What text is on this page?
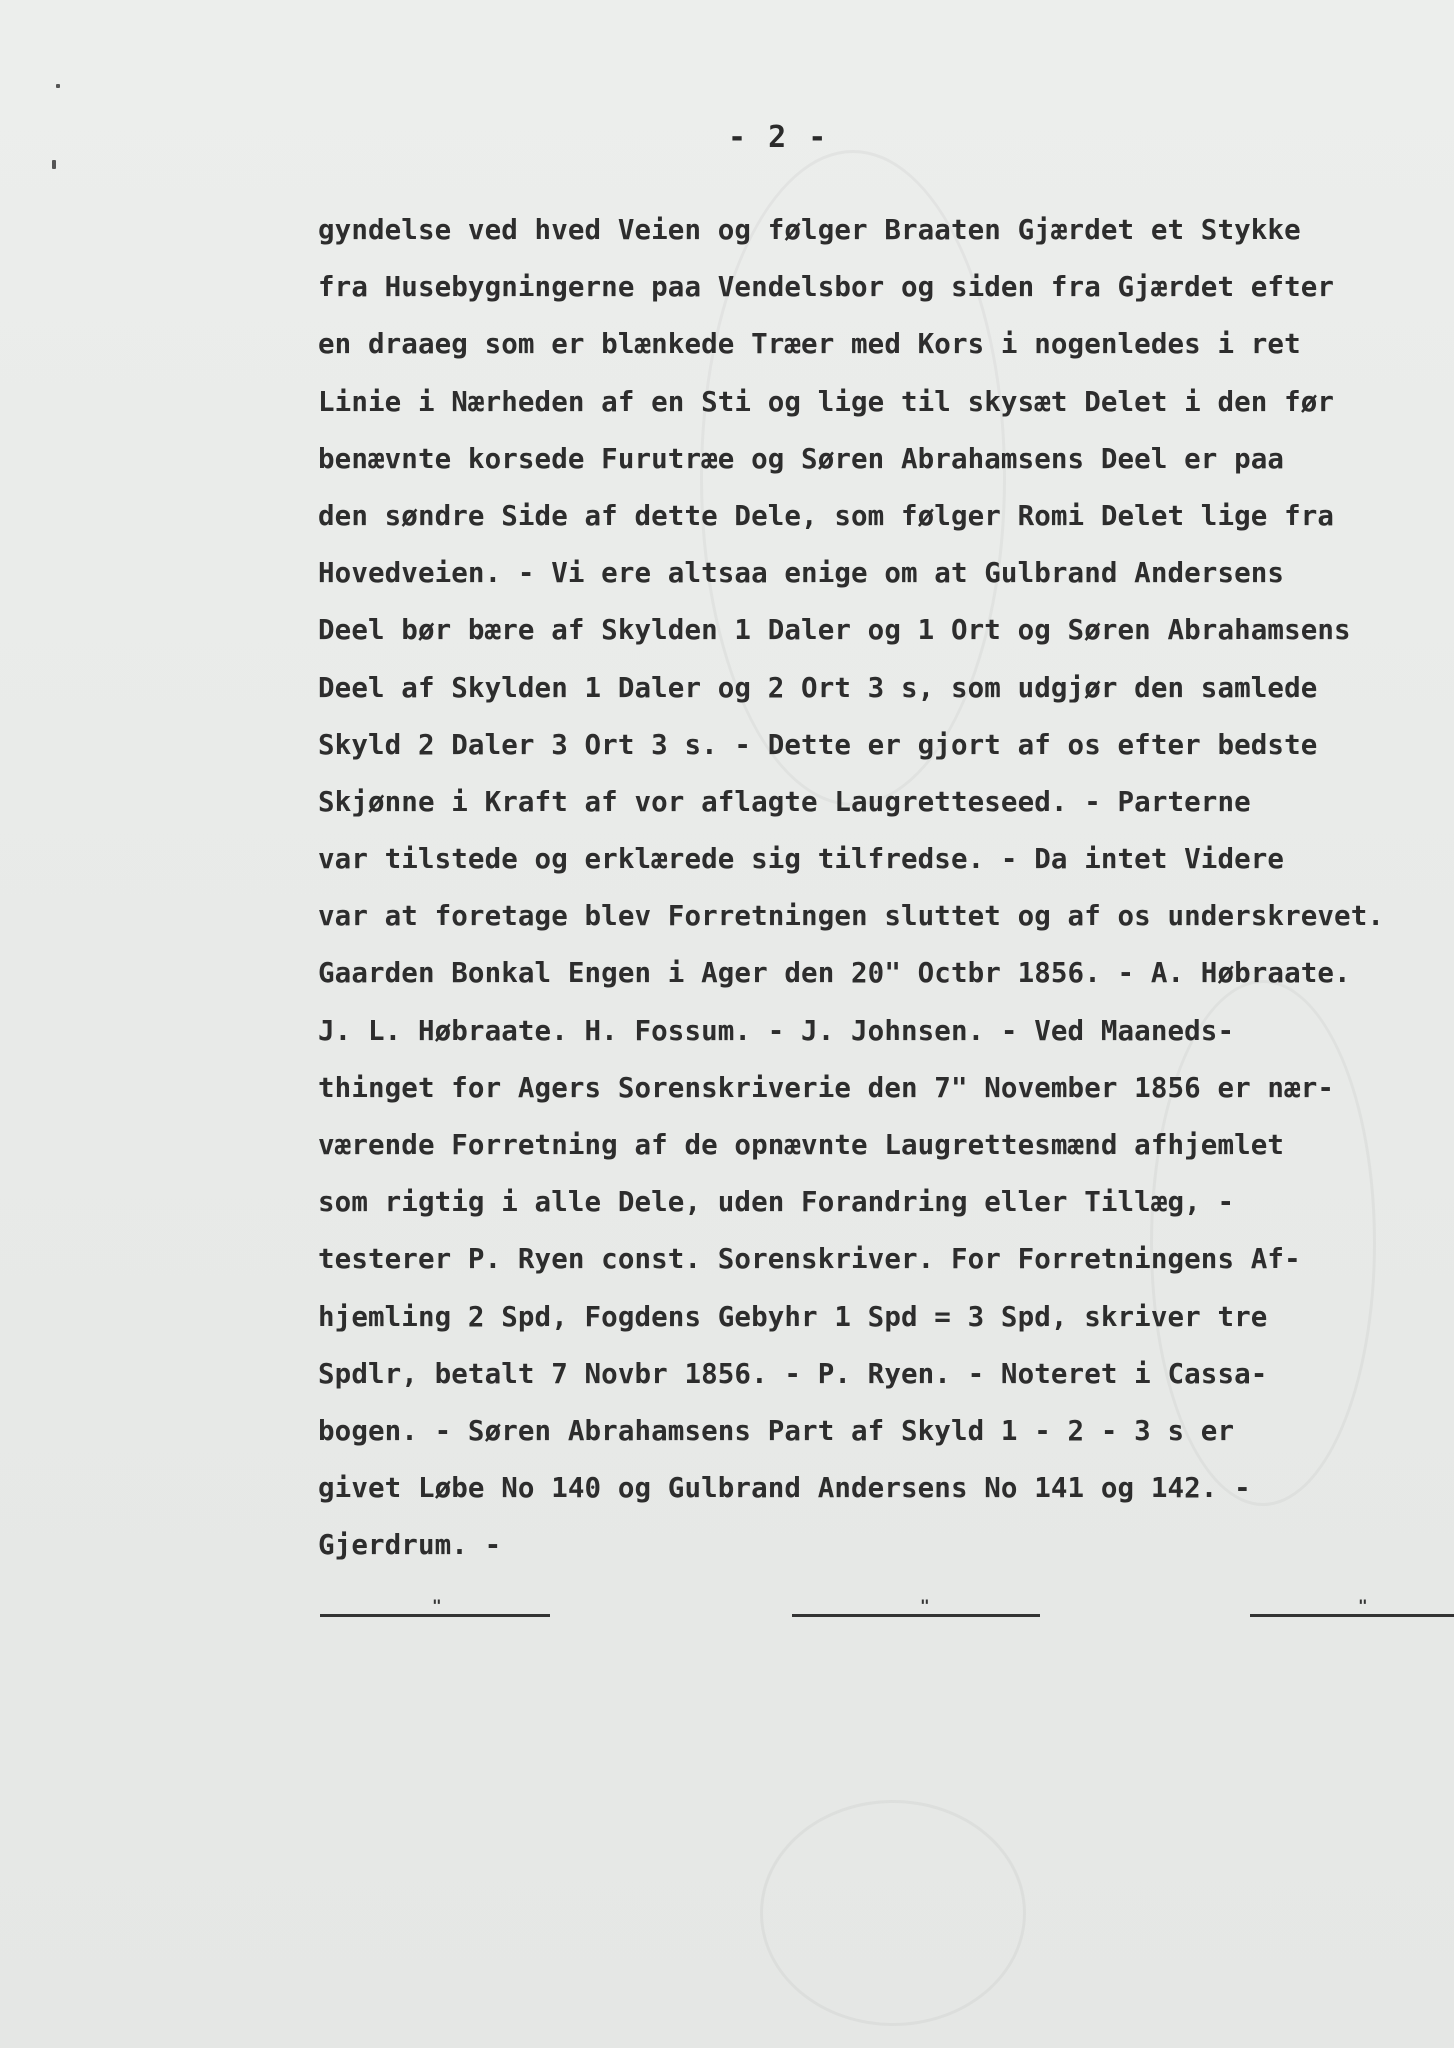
- 2 -
gyndelse ved hved Veien og følger Braaten Gjærdet et Stykke
fra Husebygningerne paa Vendelsbor og siden fra Gjærdet efter
en draaeg som er blænkede Træer med Kors i nogenledes i ret
Linie i Nærheden af en Sti og lige til skysæt Delet i den før
benævnte korsede Furutræe og Søren Abrahamsens Deel er paa
den søndre Side af dette Dele, som følger Romi Delet lige fra
Hovedveien. - Vi ere altsaa enige om at Gulbrand Andersens
Deel bør bære af Skylden 1 Daler og 1 Ort og Søren Abrahamsens
Deel af Skylden 1 Daler og 2 Ort 3 s, som udgjør den samlede
Skyld 2 Daler 3 Ort 3 s. - Dette er gjort af os efter bedste
Skjønne i Kraft af vor aflagte Laugretteseed. - Parterne
var tilstede og erklærede sig tilfredse. - Da intet Videre
var at foretage blev Forretningen sluttet og af os underskrevet.
Gaarden Bonkal Engen i Ager den 20" Octbr 1856. - A. Høbraate.
J. L. Høbraate. H. Fossum. - J. Johnsen. - Ved Maaneds-
thinget for Agers Sorenskriverie den 7" November 1856 er nær-
værende Forretning af de opnævnte Laugrettesmænd afhjemlet
som rigtig i alle Dele, uden Forandring eller Tillæg, -
testerer P. Ryen const. Sorenskriver. For Forretningens Af-
hjemling 2 Spd, Fogdens Gebyhr 1 Spd = 3 Spd, skriver tre
Spdlr, betalt 7 Novbr 1856. - P. Ryen. - Noteret i Cassa-
bogen. - Søren Abrahamsens Part af Skyld 1 - 2 - 3 s er
givet Løbe No 140 og Gulbrand Andersens No 141 og 142. -
Gjerdrum. -
"	"	"
